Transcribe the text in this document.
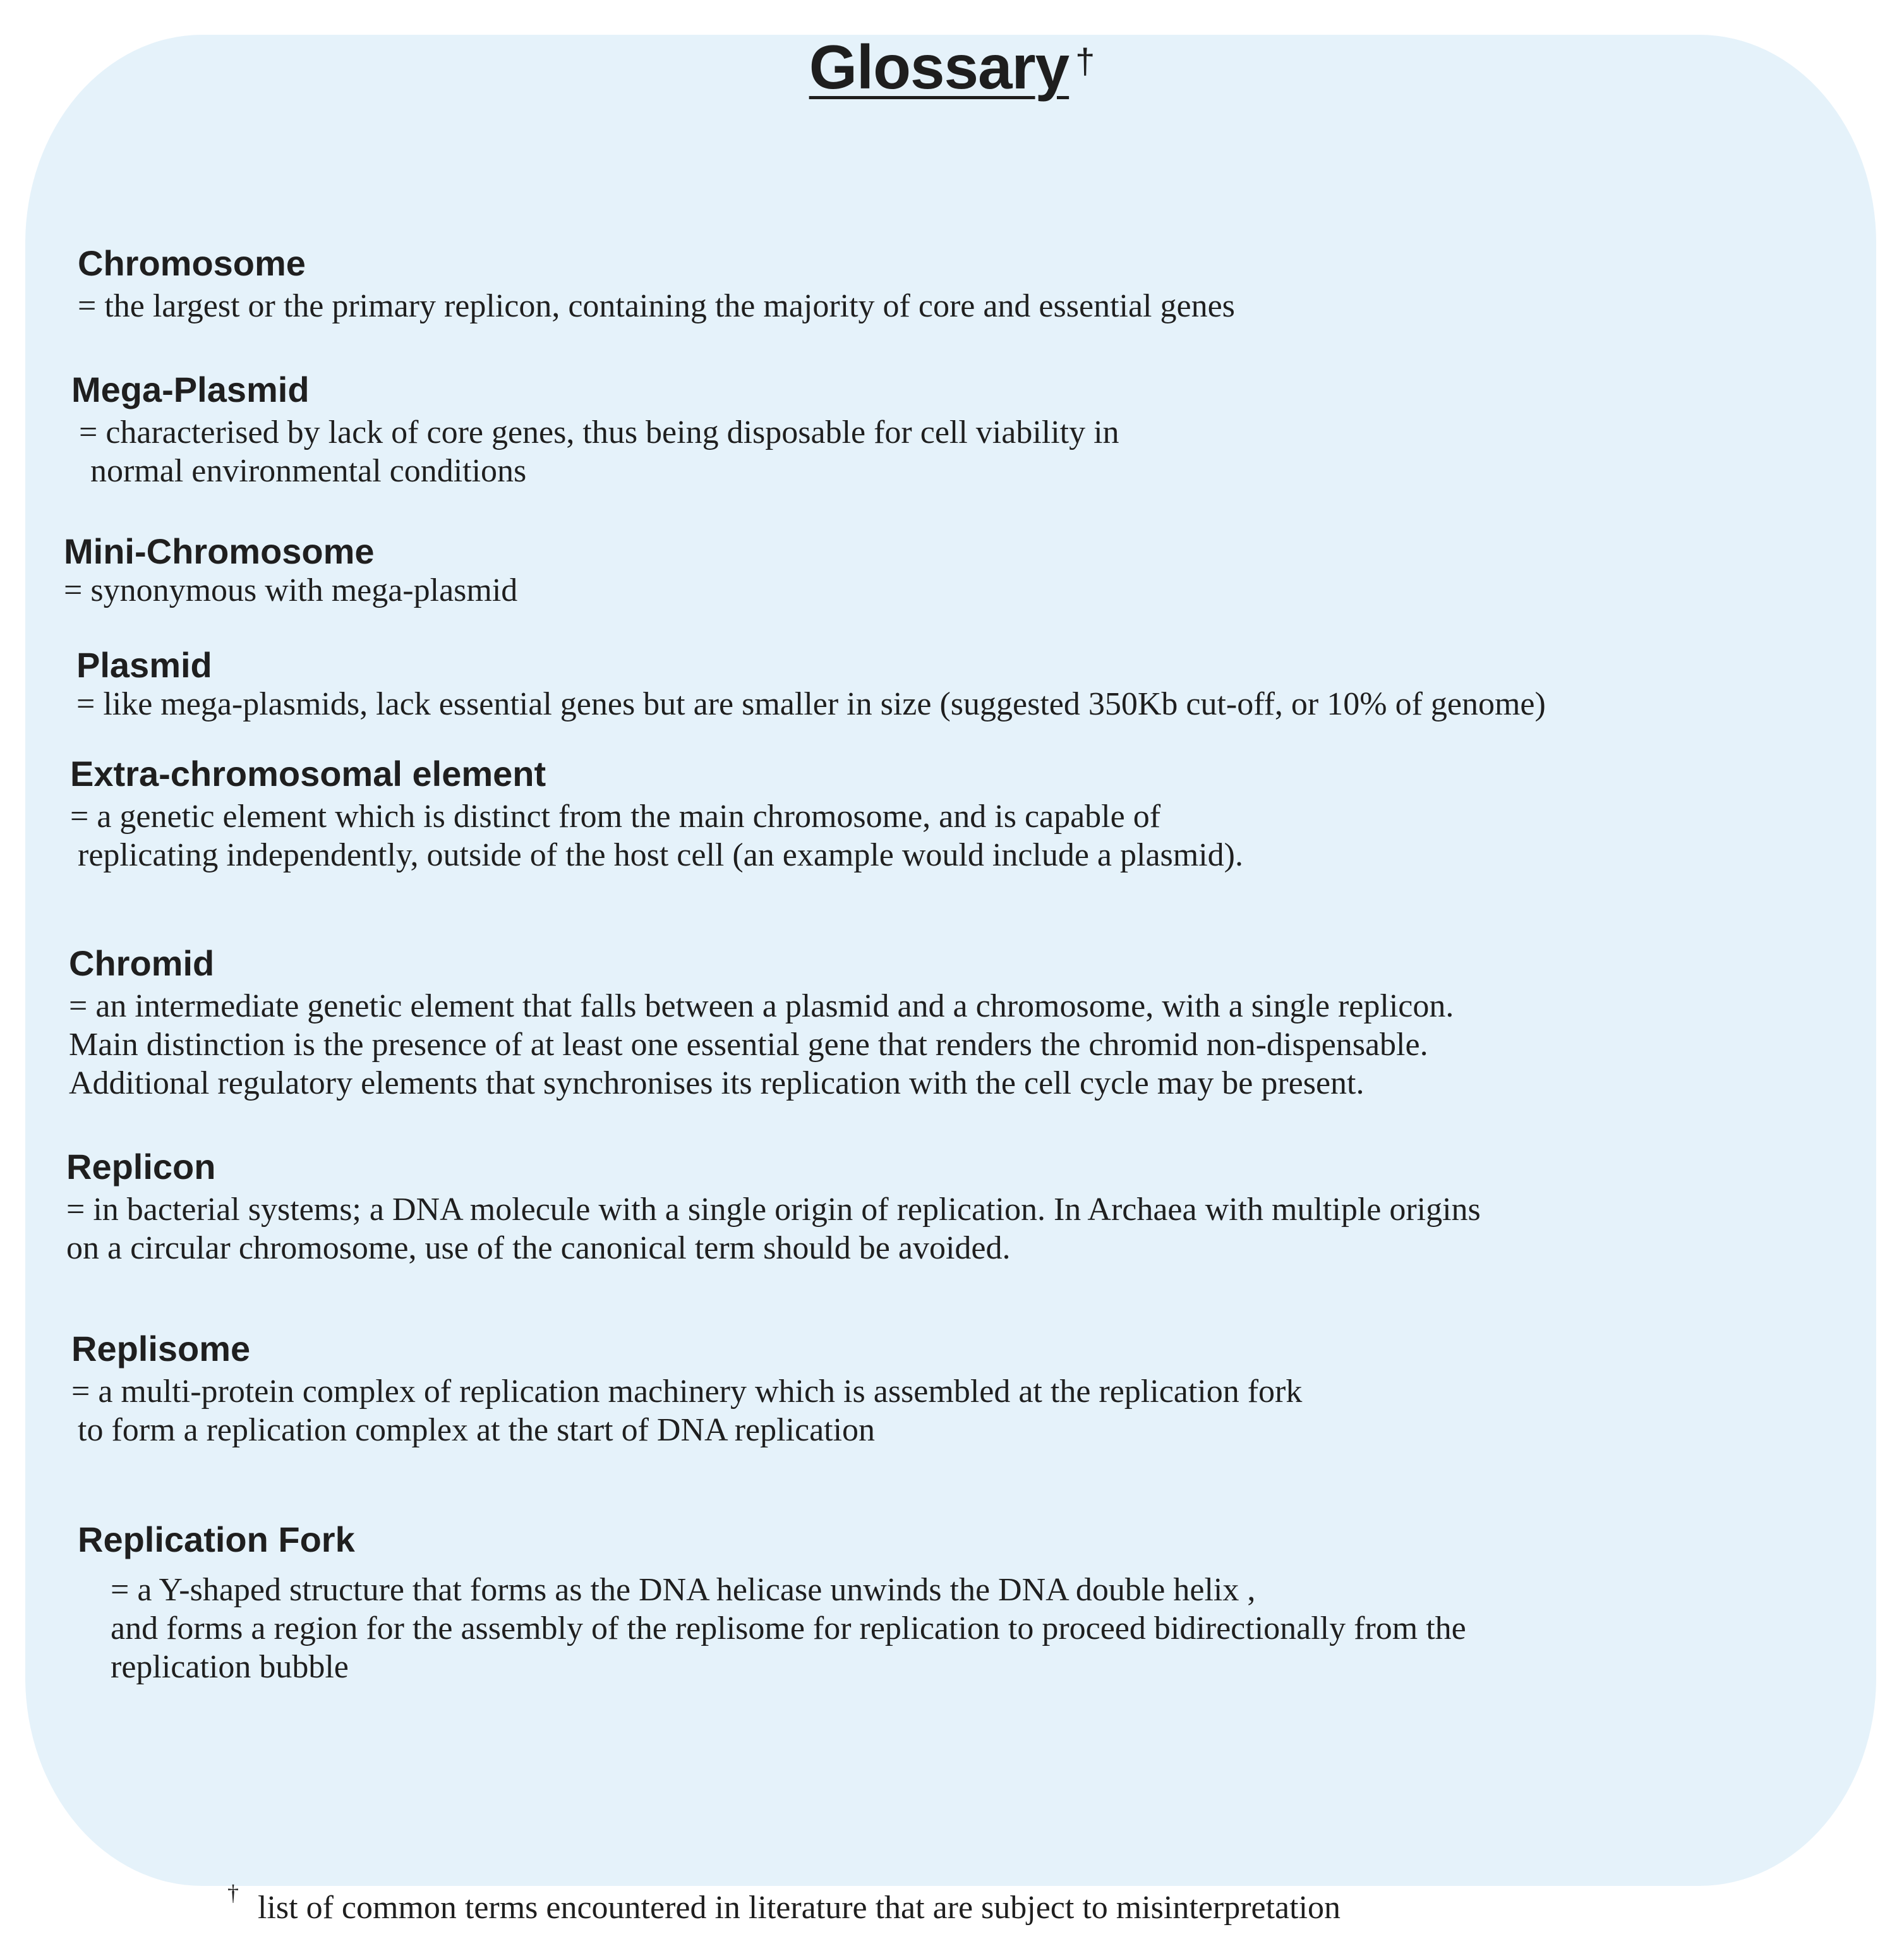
Glossary †
Chromosome
= the largest or the primary replicon, containing the majority of core and essential genes
Mega-Plasmid
= characterised by lack of core genes, thus being disposable for cell viability in
normal environmental conditions
Mini-Chromosome
= synonymous with mega-plasmid
Plasmid
= like mega-plasmids, lack essential genes but are smaller in size (suggested 350Kb cut-off, or 10% of genome)
Extra-chromosomal element
= a genetic element which is distinct from the main chromosome, and is capable of
replicating independently, outside of the host cell (an example would include a plasmid).
Chromid
= an intermediate genetic element that falls between a plasmid and a chromosome, with a single replicon.
Main distinction is the presence of at least one essential gene that renders the chromid non-dispensable.
Additional regulatory elements that synchronises its replication with the cell cycle may be present.
Replicon
= in bacterial systems; a DNA molecule with a single origin of replication. In Archaea with multiple origins
on a circular chromosome, use of the canonical term should be avoided.
Replisome
= a multi-protein complex of replication machinery which is assembled at the replication fork
to form a replication complex at the start of DNA replication
Replication Fork
= a Y-shaped structure that forms as the DNA helicase unwinds the DNA double helix ,
and forms a region for the assembly of the replisome for replication to proceed bidirectionally from the
replication bubble
† list of common terms encountered in literature that are subject to misinterpretation
